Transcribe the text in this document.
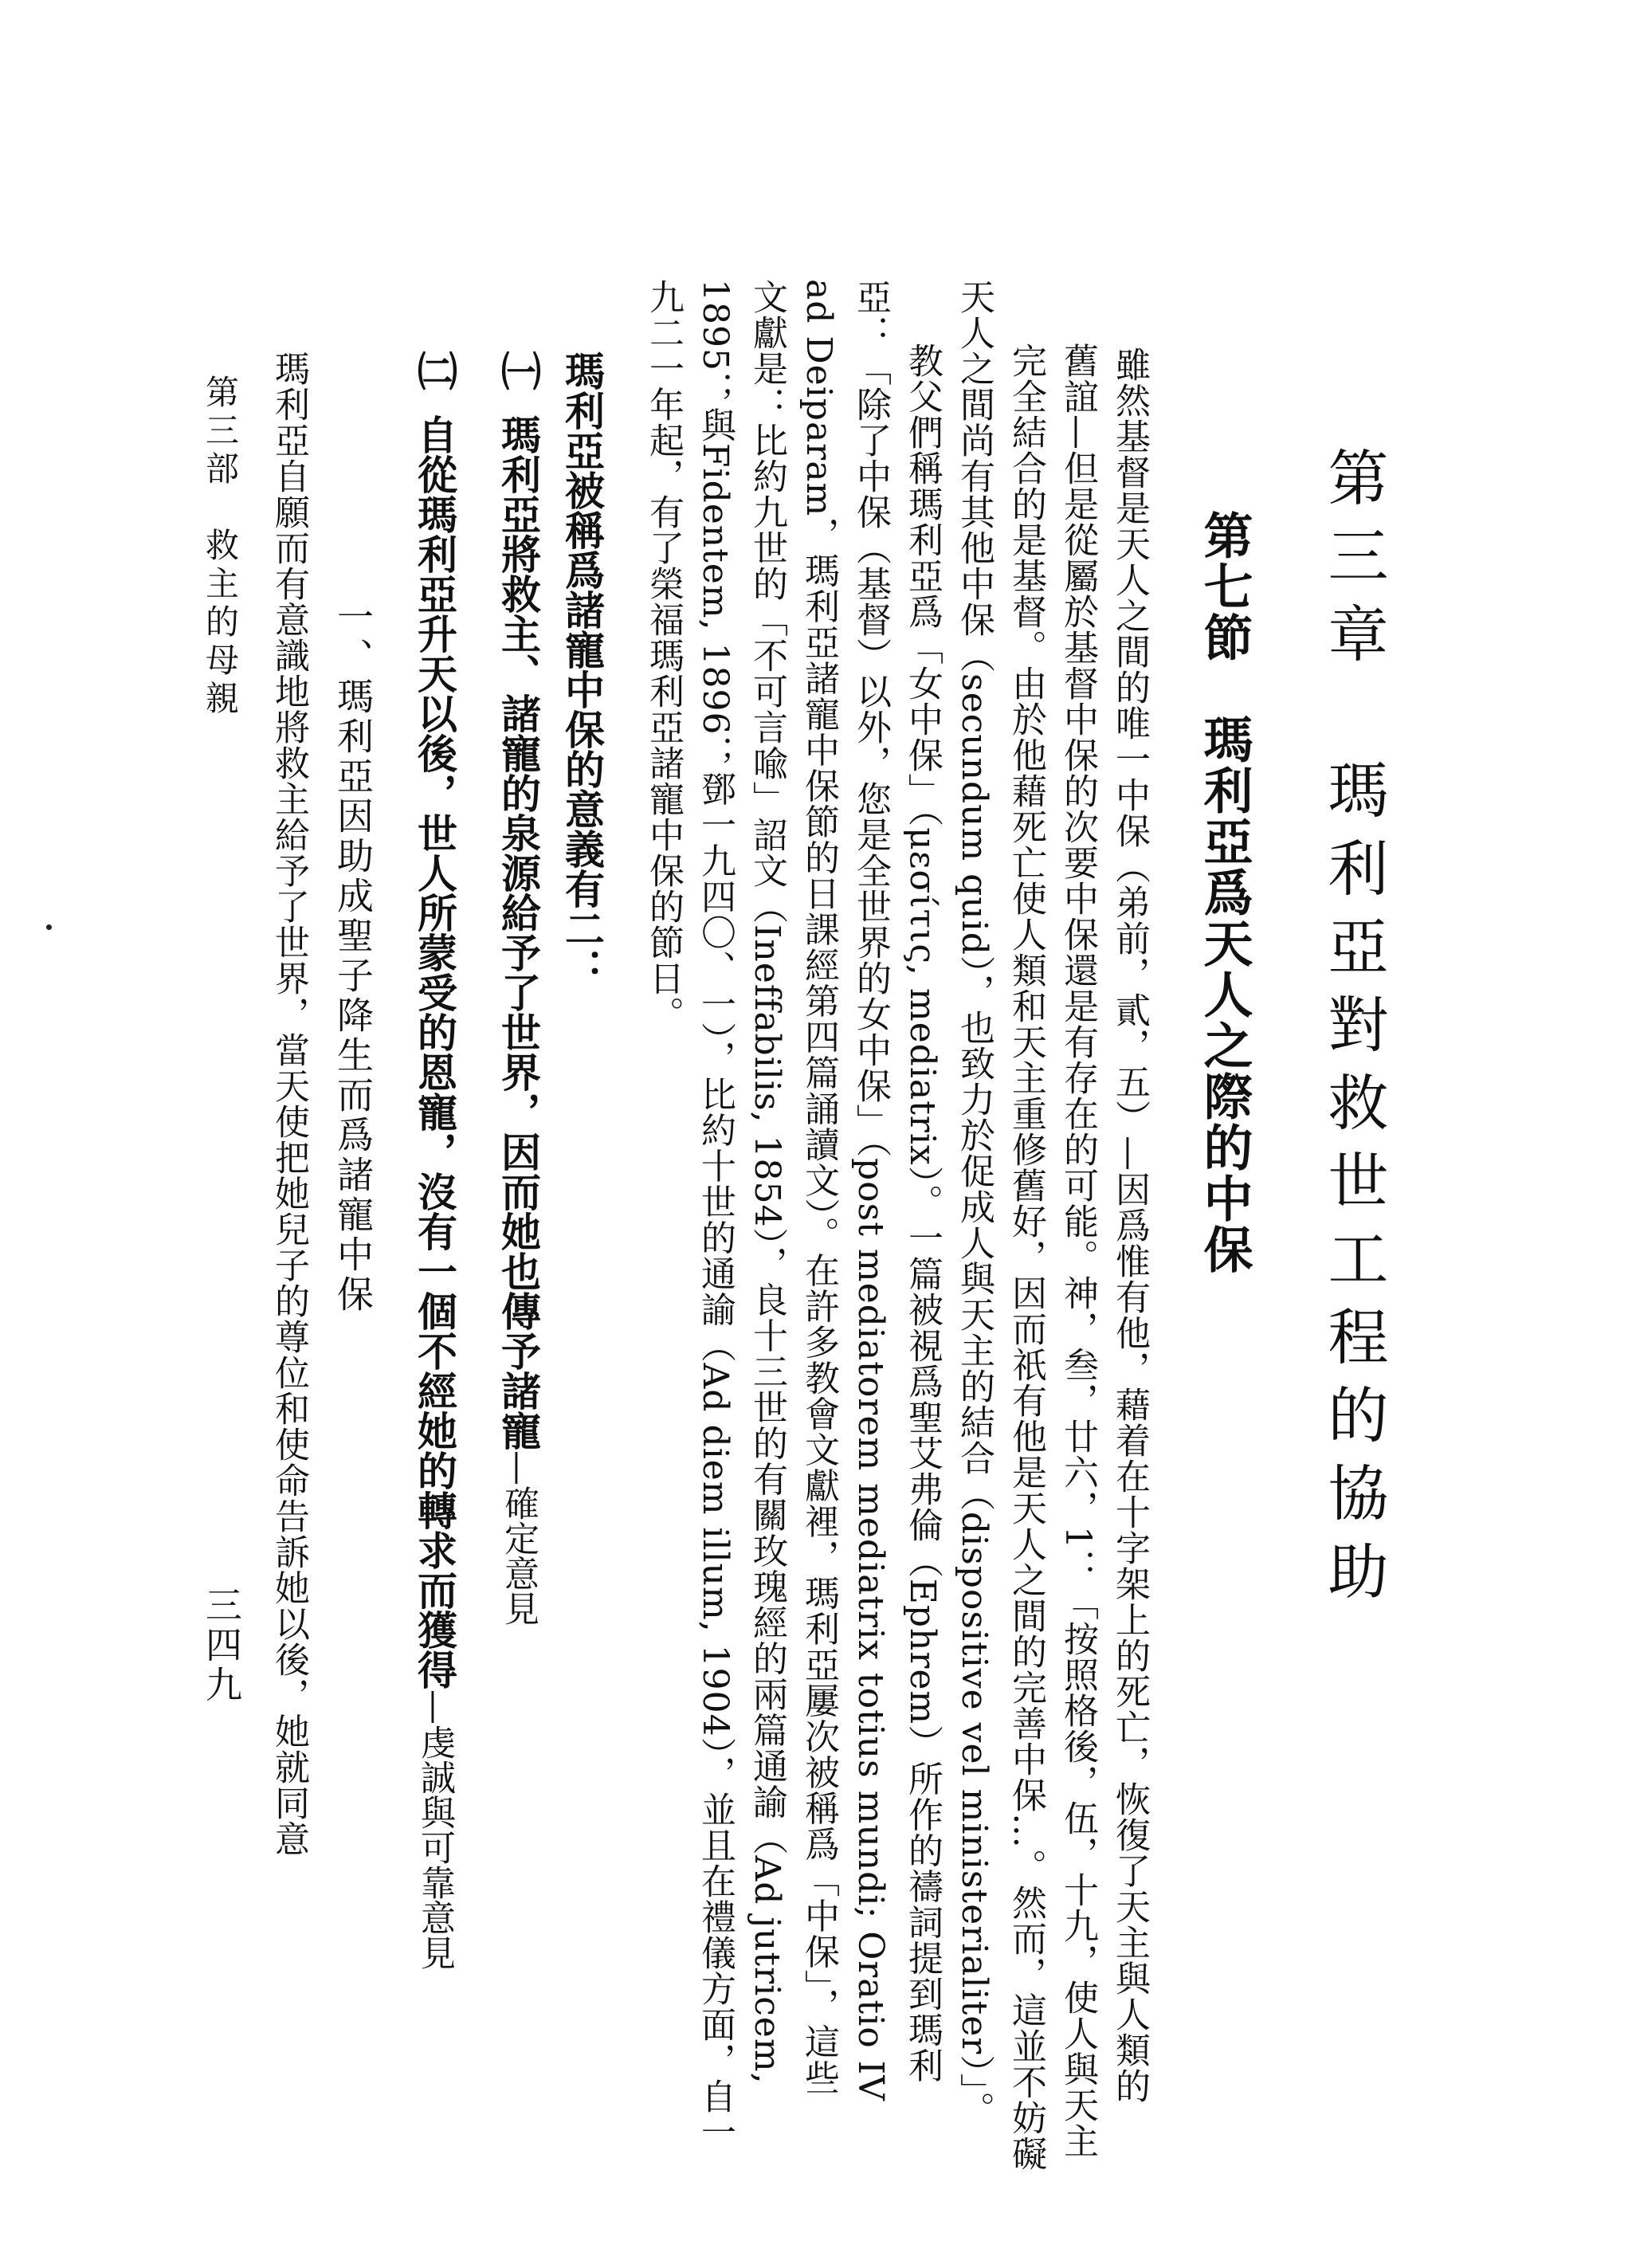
第三章　瑪利亞對救世工程的協助
第七節　瑪利亞爲天人之際的中保
雖然基督是天人之間的唯一中保（弟前，貳，五）—因爲惟有他，藉着在十字架上的死亡，恢復了天主與人類的
舊誼—但是從屬於基督中保的次要中保還是有存在的可能。神，叁，廿六，1：「按照格後，伍，十九，使人與天主
完全結合的是基督。由於他藉死亡使人類和天主重修舊好，因而祇有他是天人之間的完善中保…。然而，這並不妨礙
天人之間尚有其他中保（secundum quid），也致力於促成人與天主的結合（dispositive vel ministerialiter）」。
教父們稱瑪利亞爲「女中保」（μεσίτις, mediatrix）。一篇被視爲聖艾弗倫（Ephrem）所作的禱詞提到瑪利
亞：「除了中保（基督）以外，您是全世界的女中保」（post mediatorem mediatrix totius mundi; Oratio IV
ad Deiparam，瑪利亞諸寵中保節的日課經第四篇誦讀文）。在許多教會文獻裡，瑪利亞屢次被稱爲「中保」，這些
文獻是：比約九世的「不可言喩」詔文（Ineffabilis, 1854），良十三世的有關玫瑰經的兩篇通諭（Ad jutricem,
1895；與Fidentem, 1896；鄧一九四〇、一），比約十世的通諭（Ad diem illum, 1904），並且在禮儀方面，自一
九二一年起，有了榮福瑪利亞諸寵中保的節日。
瑪利亞被稱爲諸寵中保的意義有二：
㈠瑪利亞將救主、諸寵的泉源給予了世界，因而她也傳予諸寵—確定意見
㈡自從瑪利亞升天以後，世人所蒙受的恩寵，沒有一個不經她的轉求而獲得—虔誠與可靠意見
一、瑪利亞因助成聖子降生而爲諸寵中保
瑪利亞自願而有意識地將救主給予了世界，當天使把她兒子的尊位和使命告訴她以後，她就同意
第三部　救主的母親
三四九
